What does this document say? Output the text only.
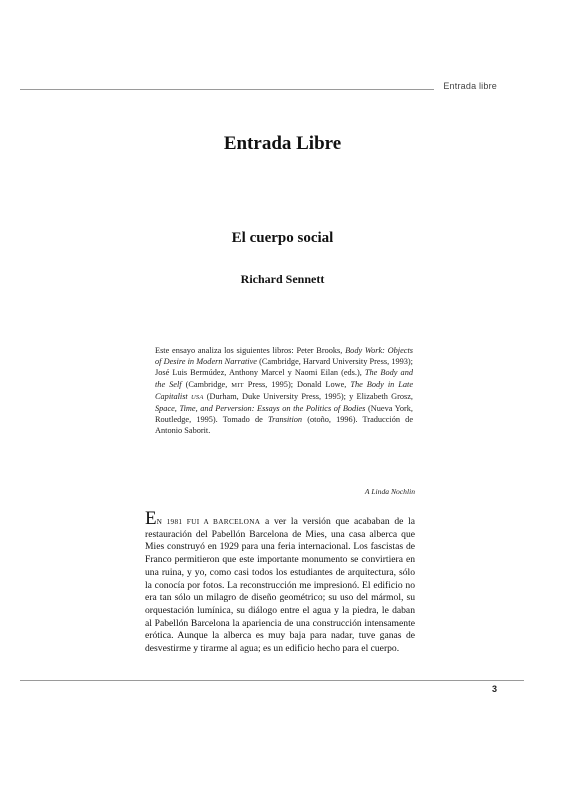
Entrada libre
Entrada Libre
El cuerpo social
Richard Sennett
Este ensayo analiza los siguientes libros: Peter Brooks, Body Work: Objects of Desire in Modern Narrative (Cambridge, Harvard University Press, 1993); José Luis Bermúdez, Anthony Marcel y Naomi Eilan (eds.), The Body and the Self (Cambridge, MIT Press, 1995); Donald Lowe, The Body in Late Capitalist USA (Durham, Duke University Press, 1995); y Elizabeth Grosz, Space, Time, and Perversion: Essays on the Politics of Bodies (Nueva York, Routledge, 1995). Tomado de Transition (otoño, 1996). Traducción de Antonio Saborit.
A Linda Nochlin
EN 1981 FUI A BARCELONA a ver la versión que acababan de la restauración del Pabellón Barcelona de Mies, una casa alberca que Mies construyó en 1929 para una feria internacional. Los fascistas de Franco permitieron que este importante monumento se convirtiera en una ruina, y yo, como casi todos los estudiantes de arquitectura, sólo la conocía por fotos. La reconstrucción me impresionó. El edificio no era tan sólo un milagro de diseño geométrico; su uso del mármol, su orquestación lumínica, su diálogo entre el agua y la piedra, le daban al Pabellón Barcelona la apariencia de una construcción intensamente erótica. Aunque la alberca es muy baja para nadar, tuve ganas de desvestirme y tirarme al agua; es un edificio hecho para el cuerpo.
3
